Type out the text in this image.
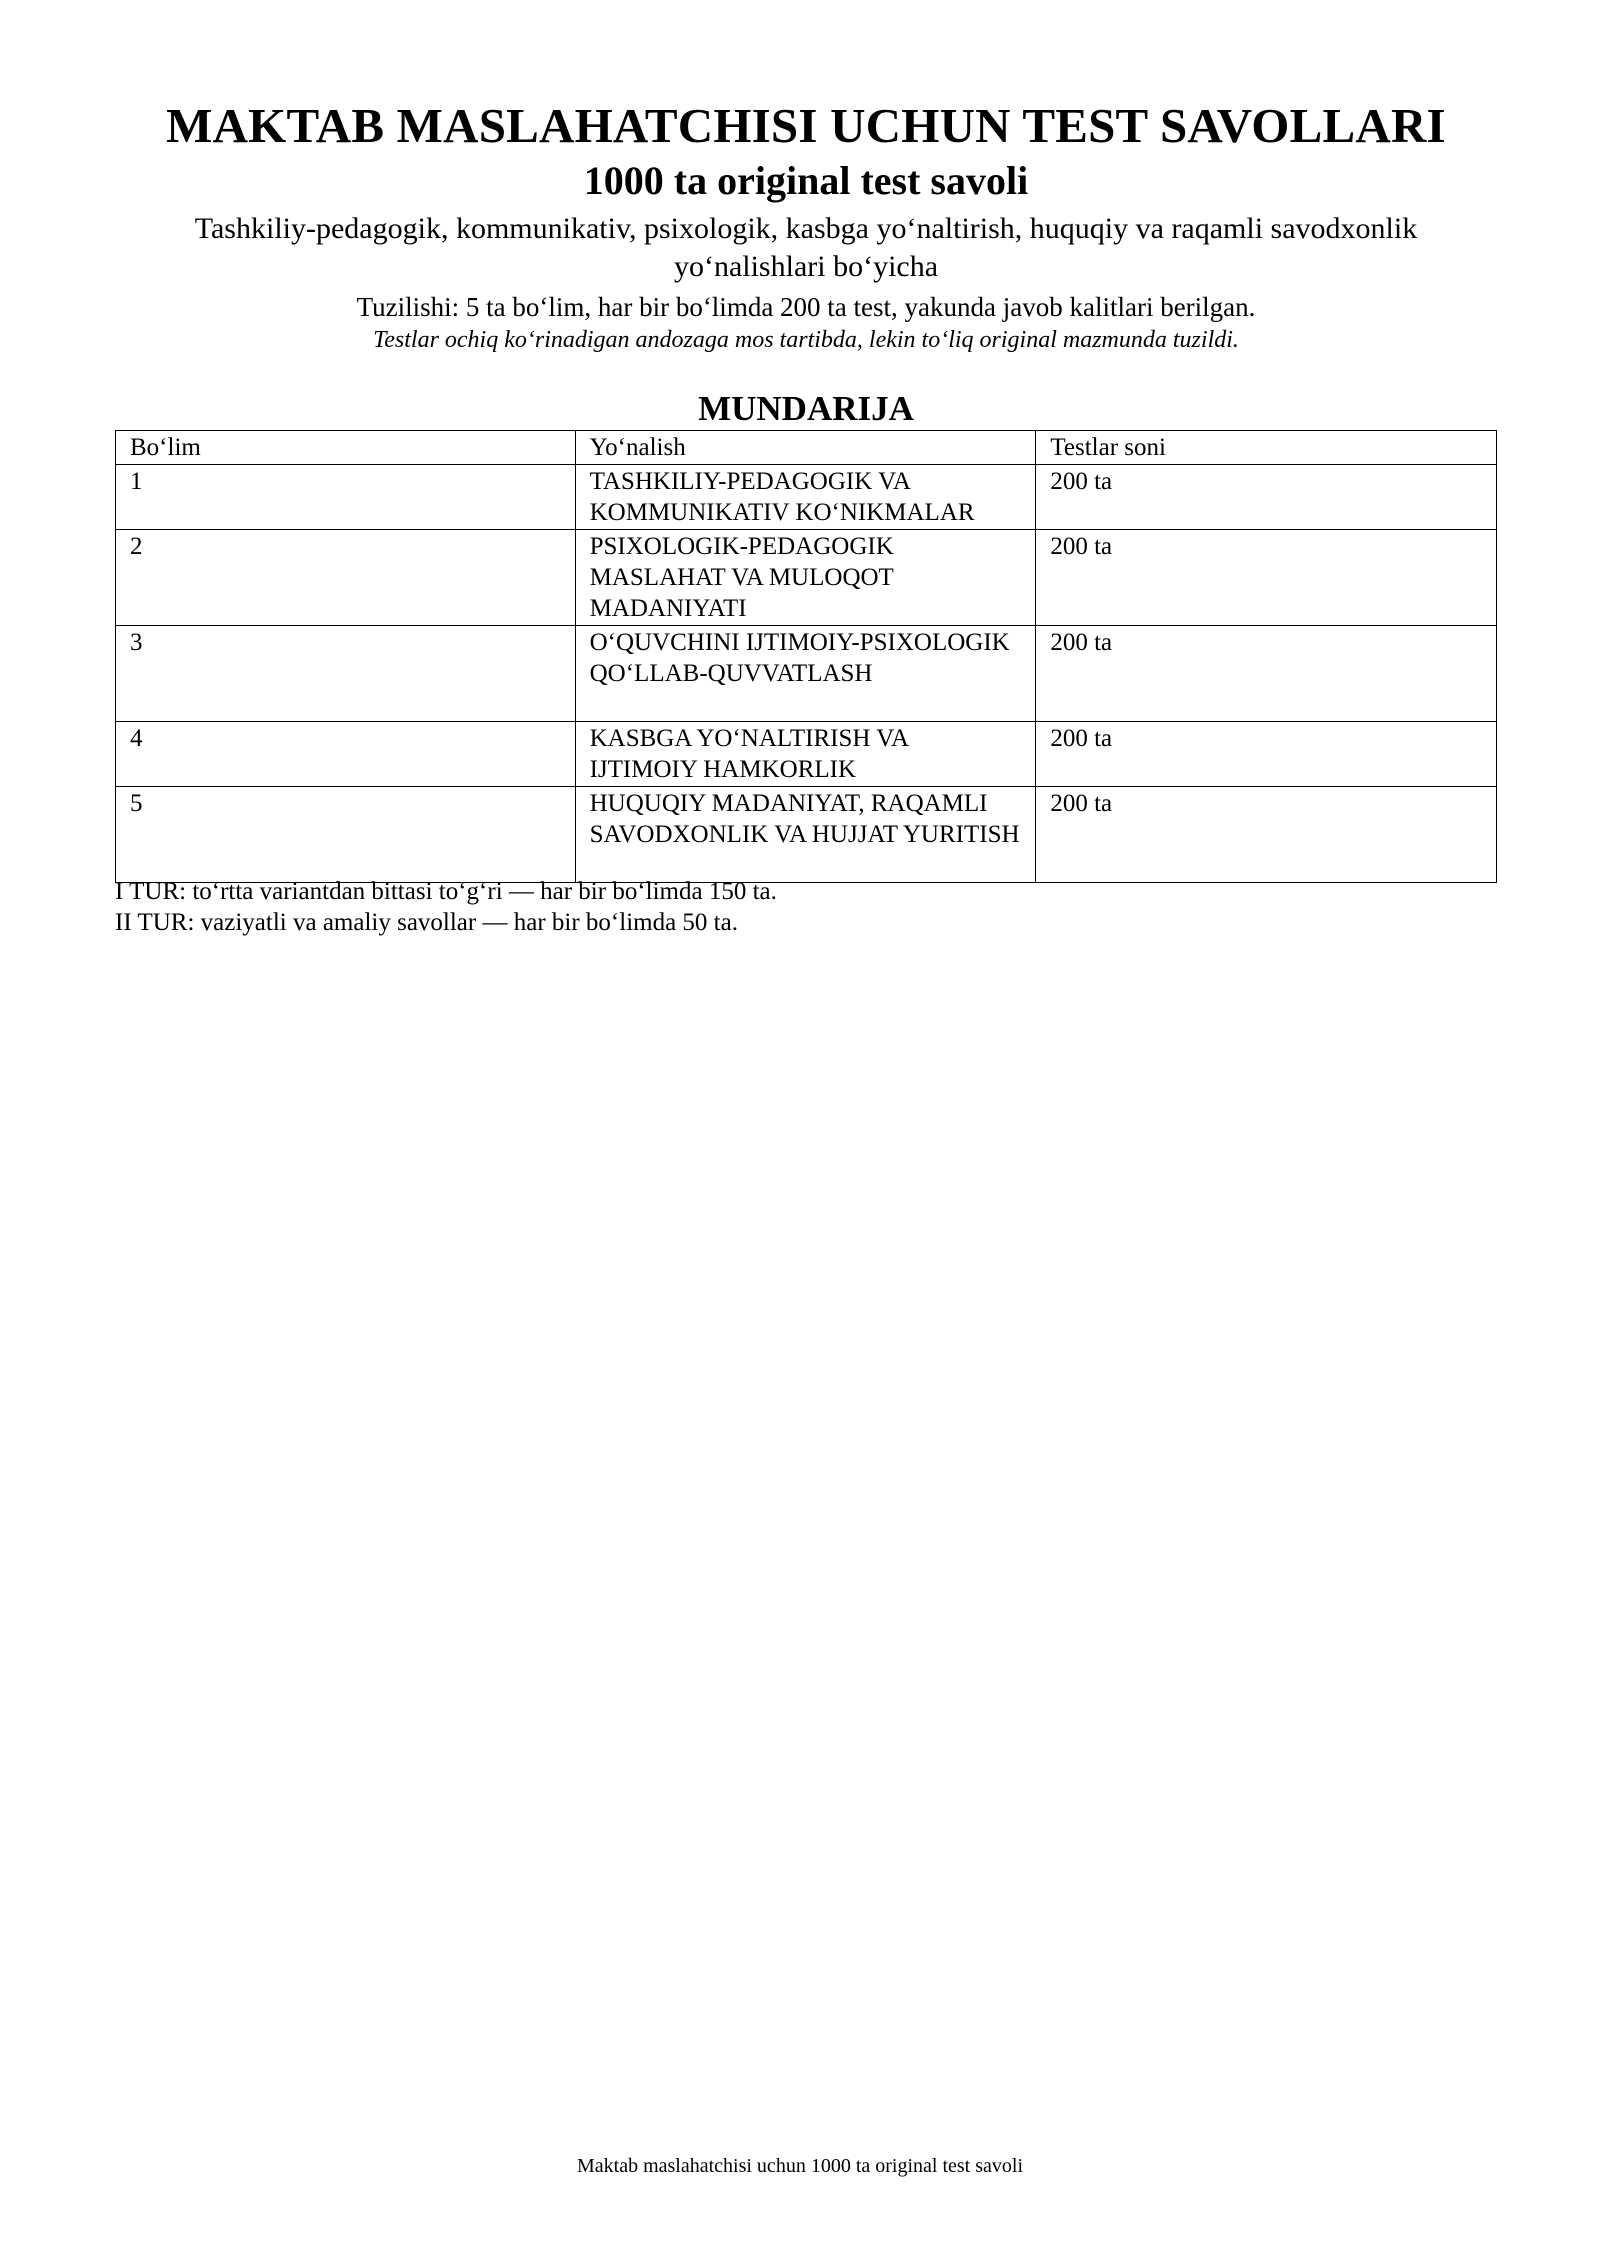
MAKTAB MASLAHATCHISI UCHUN TEST SAVOLLARI
1000 ta original test savoli

Tashkiliy-pedagogik, kommunikativ, psixologik, kasbga yo‘naltirish, huquqiy va raqamli savodxonlik yo‘nalishlari bo‘yicha

Tuzilishi: 5 ta bo‘lim, har bir bo‘limda 200 ta test, yakunda javob kalitlari berilgan.

Testlar ochiq ko‘rinadigan andozaga mos tartibda, lekin to‘liq original mazmunda tuzildi.

MUNDARIJA
Bo‘lim	Yo‘nalish	Testlar soni
1	TASHKILIY-PEDAGOGIK VA KOMMUNIKATIV KO‘NIKMALAR	200 ta
2	PSIXOLOGIK-PEDAGOGIK MASLAHAT VA MULOQOT MADANIYATI	200 ta
3	O‘QUVCHINI IJTIMOIY-PSIXOLOGIK QO‘LLAB-QUVVATLASH	200 ta
4	KASBGA YO‘NALTIRISH VA IJTIMOIY HAMKORLIK	200 ta
5	HUQUQIY MADANIYAT, RAQAMLI SAVODXONLIK VA HUJJAT YURITISH	200 ta

I TUR: to‘rtta variantdan bittasi to‘g‘ri — har bir bo‘limda 150 ta.

II TUR: vaziyatli va amaliy savollar — har bir bo‘limda 50 ta.

Maktab maslahatchisi uchun 1000 ta original test savoli
